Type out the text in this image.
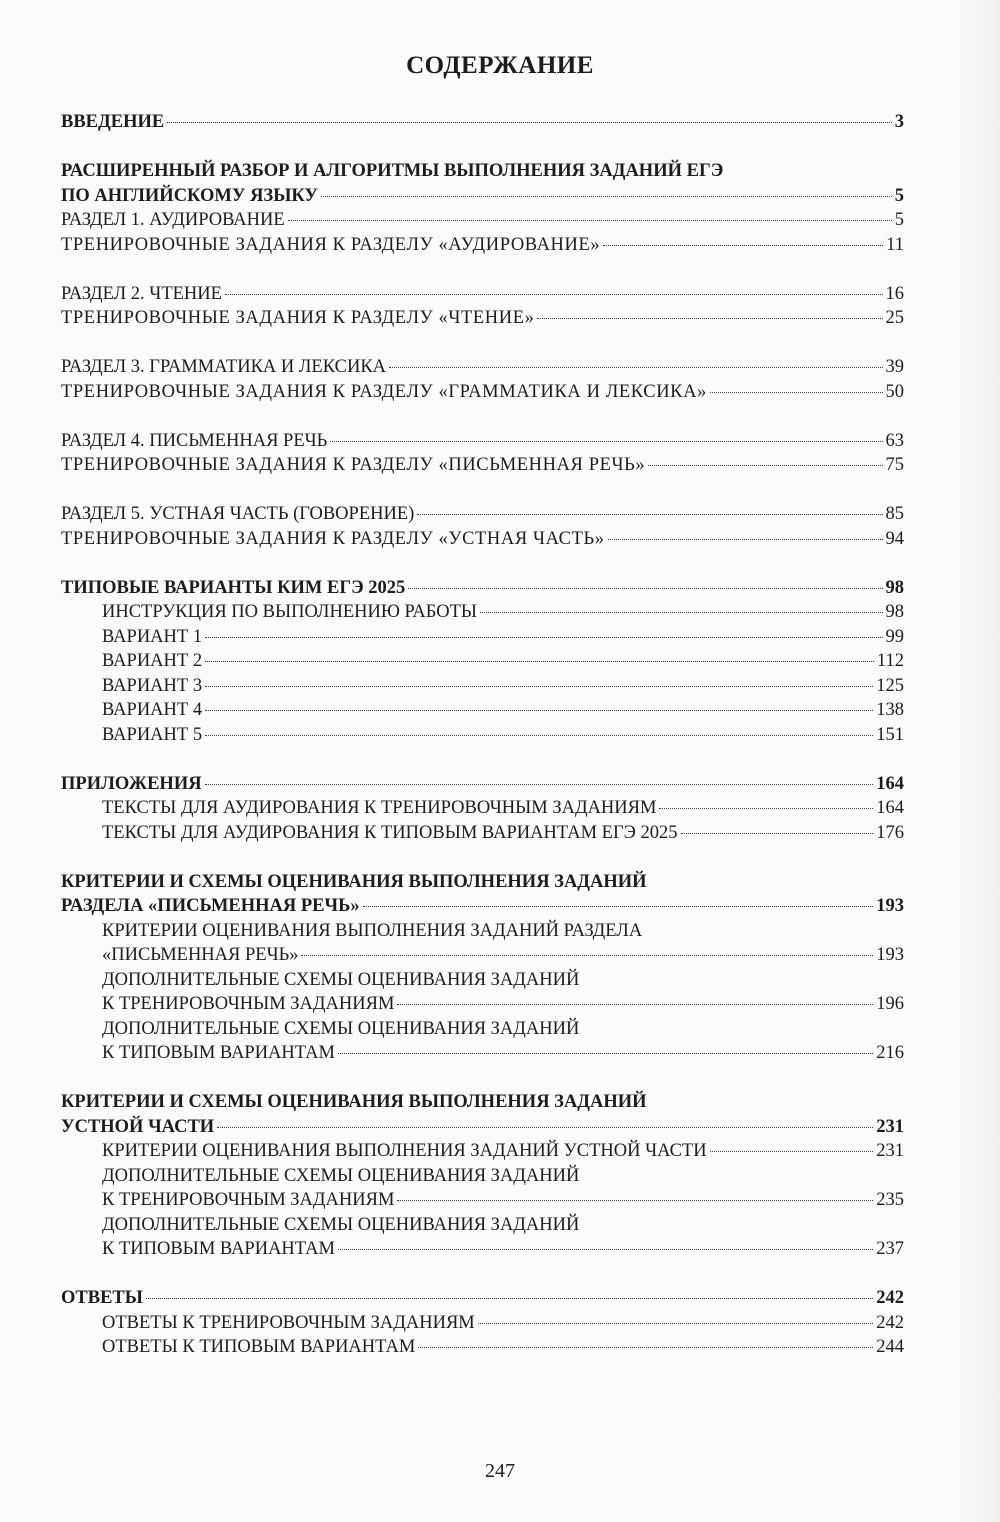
СОДЕРЖАНИЕ
ВВЕДЕНИЕ	3
РАСШИРЕННЫЙ РАЗБОР И АЛГОРИТМЫ ВЫПОЛНЕНИЯ ЗАДАНИЙ ЕГЭ
ПО АНГЛИЙСКОМУ ЯЗЫКУ	5
РАЗДЕЛ 1. АУДИРОВАНИЕ	5
ТРЕНИРОВОЧНЫЕ ЗАДАНИЯ К РАЗДЕЛУ «АУДИРОВАНИЕ»	11
РАЗДЕЛ 2. ЧТЕНИЕ	16
ТРЕНИРОВОЧНЫЕ ЗАДАНИЯ К РАЗДЕЛУ «ЧТЕНИЕ»	25
РАЗДЕЛ 3. ГРАММАТИКА И ЛЕКСИКА	39
ТРЕНИРОВОЧНЫЕ ЗАДАНИЯ К РАЗДЕЛУ «ГРАММАТИКА И ЛЕКСИКА»	50
РАЗДЕЛ 4. ПИСЬМЕННАЯ РЕЧЬ	63
ТРЕНИРОВОЧНЫЕ ЗАДАНИЯ К РАЗДЕЛУ «ПИСЬМЕННАЯ РЕЧЬ»	75
РАЗДЕЛ 5. УСТНАЯ ЧАСТЬ (ГОВОРЕНИЕ)	85
ТРЕНИРОВОЧНЫЕ ЗАДАНИЯ К РАЗДЕЛУ «УСТНАЯ ЧАСТЬ»	94
ТИПОВЫЕ ВАРИАНТЫ КИМ ЕГЭ 2025	98
ИНСТРУКЦИЯ ПО ВЫПОЛНЕНИЮ РАБОТЫ	98
ВАРИАНТ 1	99
ВАРИАНТ 2	112
ВАРИАНТ 3	125
ВАРИАНТ 4	138
ВАРИАНТ 5	151
ПРИЛОЖЕНИЯ	164
ТЕКСТЫ ДЛЯ АУДИРОВАНИЯ К ТРЕНИРОВОЧНЫМ ЗАДАНИЯМ	164
ТЕКСТЫ ДЛЯ АУДИРОВАНИЯ К ТИПОВЫМ ВАРИАНТАМ ЕГЭ 2025	176
КРИТЕРИИ И СХЕМЫ ОЦЕНИВАНИЯ ВЫПОЛНЕНИЯ ЗАДАНИЙ
РАЗДЕЛА «ПИСЬМЕННАЯ РЕЧЬ»	193
КРИТЕРИИ ОЦЕНИВАНИЯ ВЫПОЛНЕНИЯ ЗАДАНИЙ РАЗДЕЛА
«ПИСЬМЕННАЯ РЕЧЬ»	193
ДОПОЛНИТЕЛЬНЫЕ СХЕМЫ ОЦЕНИВАНИЯ ЗАДАНИЙ
К ТРЕНИРОВОЧНЫМ ЗАДАНИЯМ	196
ДОПОЛНИТЕЛЬНЫЕ СХЕМЫ ОЦЕНИВАНИЯ ЗАДАНИЙ
К ТИПОВЫМ ВАРИАНТАМ	216
КРИТЕРИИ И СХЕМЫ ОЦЕНИВАНИЯ ВЫПОЛНЕНИЯ ЗАДАНИЙ
УСТНОЙ ЧАСТИ	231
КРИТЕРИИ ОЦЕНИВАНИЯ ВЫПОЛНЕНИЯ ЗАДАНИЙ УСТНОЙ ЧАСТИ	231
ДОПОЛНИТЕЛЬНЫЕ СХЕМЫ ОЦЕНИВАНИЯ ЗАДАНИЙ
К ТРЕНИРОВОЧНЫМ ЗАДАНИЯМ	235
ДОПОЛНИТЕЛЬНЫЕ СХЕМЫ ОЦЕНИВАНИЯ ЗАДАНИЙ
К ТИПОВЫМ ВАРИАНТАМ	237
ОТВЕТЫ	242
ОТВЕТЫ К ТРЕНИРОВОЧНЫМ ЗАДАНИЯМ	242
ОТВЕТЫ К ТИПОВЫМ ВАРИАНТАМ	244
247
